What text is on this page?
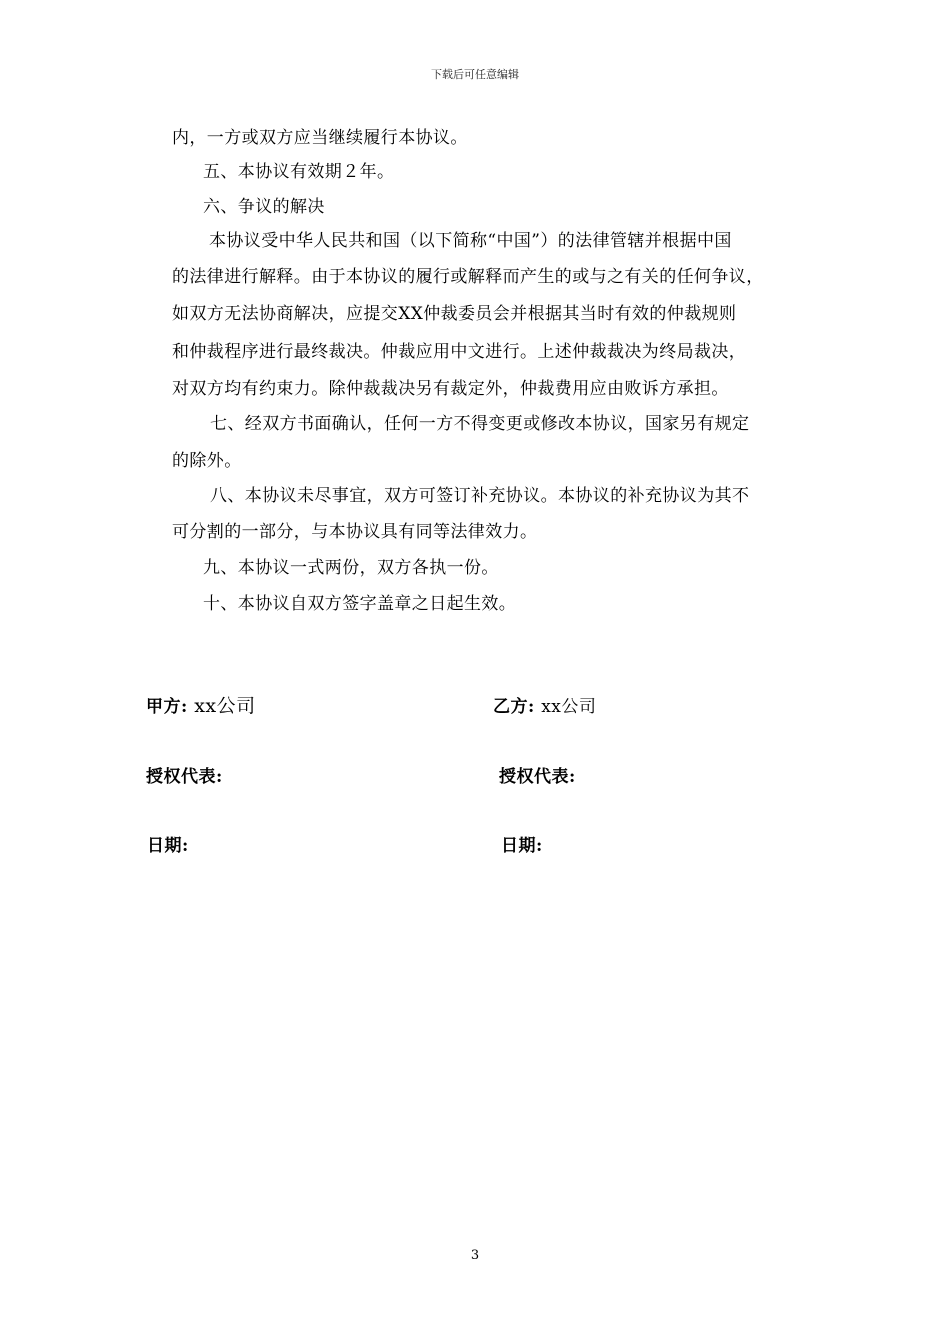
下载后可任意编辑
内，一方或双方应当继续履行本协议。
五、本协议有效期２年。
六、争议的解决
本协议受中华人民共和国（以下简称“中国”）的法律管辖并根据中国
的法律进行解释。由于本协议的履行或解释而产生的或与之有关的任何争议，
如双方无法协商解决，应提交XX仲裁委员会并根据其当时有效的仲裁规则
和仲裁程序进行最终裁决。仲裁应用中文进行。上述仲裁裁决为终局裁决，
对双方均有约束力。除仲裁裁决另有裁定外，仲裁费用应由败诉方承担。
七、经双方书面确认，任何一方不得变更或修改本协议，国家另有规定
的除外。
八、本协议未尽事宜，双方可签订补充协议。本协议的补充协议为其不
可分割的一部分，与本协议具有同等法律效力。
九、本协议一式两份，双方各执一份。
十、本协议自双方签字盖章之日起生效。
甲方: xx公司	乙方: xx公司
授权代表:	授权代表:
日期:	日期:
3
